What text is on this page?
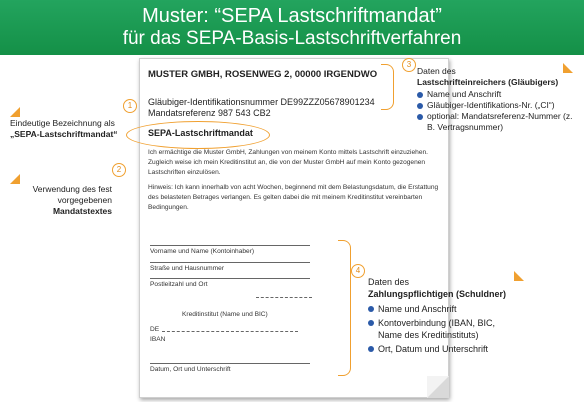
Muster: “SEPA Lastschriftmandat”
für das SEPA-Basis-Lastschriftverfahren
MUSTER GMBH, ROSENWEG 2, 00000 IRGENDWO
Gläubiger-Identifikationsnummer DE99ZZZ05678901234
Mandatsreferenz 987 543 CB2
SEPA-Lastschriftmandat
Ich ermächtige die Muster GmbH, Zahlungen von meinem Konto mittels Lastschrift einzuziehen. Zugleich weise ich mein Kreditinstitut an, die von der Muster GmbH auf mein Konto gezogenen Lastschriften einzulösen.
Hinweis: Ich kann innerhalb von acht Wochen, beginnend mit dem Belastungsdatum, die Erstattung des belasteten Betrages verlangen. Es gelten dabei die mit meinem Kreditinstitut vereinbarten Bedingungen.
Vorname und Name (Kontoinhaber)
Straße und Hausnummer
Postleitzahl und Ort
Kreditinstitut (Name und BIC)
DE
IBAN
Datum, Ort und Unterschrift
1
2
3
4
Eindeutige Bezeichnung als
„SEPA-Lastschriftmandat“
Verwendung des fest
vorgegebenen
Mandatstextes
Daten des
Lastschrifteinreichers (Gläubigers)
Name und Anschrift
Gläubiger-Identifikations-Nr. („CI“)
optional: Mandatsreferenz-Nummer (z. B. Vertragsnummer)
Daten des
Zahlungspflichtigen (Schuldner)
Name und Anschrift
Kontoverbindung (IBAN, BIC, Name des Kreditinstituts)
Ort, Datum und Unterschrift
